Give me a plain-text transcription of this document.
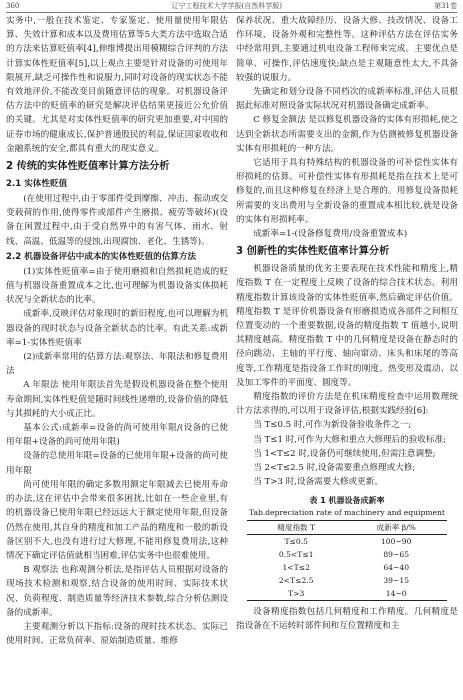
360	辽宁工程技术大学学报(自然科学版)	第31卷

实务中,一般在技术鉴定、专家鉴定、使用量使用年限估算、失效计算和成本以及费用估算等5大类方法中选取合适的方法来估算贬值率[4],伸维博提出用模糊综合评判的方法计算实体性贬值率[5],以上观点主要是针对设备的可使用年限展开,缺乏可操作性和说服力,同时对设备的现实状态不能有效地评价,不能改变目前随意评估的现象。对机器设备评估方法中的贬值率的研究是解决评估结果更接近公允价值的关键。尤其是对实体性贬值率的研究更加重要,对中国的证券市场的健康成长,保护普通股民的利益,保证国家收收和金融系统的安全,都具有重大的现实意义。

2 传统的实体性贬值率计算方法分析
2.1 实体性贬值

(在使用过程中,由于零部件受到摩擦、冲击、振动或交变载荷的作用,使得零件或部件产生磨损、疲劳等破坏)(设备在闲置过程中,由于受自然界中的有害气体、雨水、射线、高温、低温等的侵蚀,出现腐蚀、老化、生锈等)。

2.2 机器设备评估中成本的实体性贬值的估算方法

(1)实体性贬值率=由于使用磨损和自然损耗造成的贬值与机器设备重置成本之比,也可理解为机器设备实体损耗状况与全新状态的比率。

成新率,反映评估对象现时的新旧程度,也可以理解为机器设备的现时状态与设备全新状态的比率。有此关系:成新率=1-实体性贬值率

(2)成新率常用的估算方法:观察法、年限法和修复费用法

A 年限法 使用年限法首先是假设机器设备在整个使用寿命期间,实体性贬值是随时间线性递增的,设备价值的降低与其损耗的大小成正比。

基本公式:成新率=设备的尚可使用年限/(设备的已使用年限+设备的尚可使用年限)

设备的总使用年限=设备的已使用年限+设备的尚可使用年限

尚可使用年限的确定多数用额定年限减去已使用寿命的办法,这在评估中会带来很多困扰,比如在一些企业里,有的机器设备已使用年限已经远远大于额定使用年限,但设备仍然在使用,其自身的精度和加工产品的精度和一般的新设备区别不大,也没有进行过大修理,不能用修复费用法,这种情况下确定评估值就相当困难,评估实务中也很难使用。

B 观察法 也称观测分析法,是指评估人员根据对设备的现场技术检测和观察,结合设备的使用时间、实际技术状况、负荷程度、制造质量等经济技术参数,综合分析估测设备的成新率。

主要观测分析以下指标:设备的现时技术状态、实际已使用时间、正常负荷率、原始制造质量、维修

保养状况、重大故障经历、设备大修、技改情况、设备工作环境、设备外观和完整性等。这种评估方法在评估实务中经常用到,主要通过机电设备工程师来完成。主要优点是简单、可操作,评估速度快;缺点是主观随意性太大,不具备较强的说服力。

先确定和划分设备不同档次的成新率标准,评估人员根据此标准对照设备实际状况对机器设备确定成新率。

C 修复金额法 是以修复机器设备的实体有形损耗,使之达到全新状态所需要支出的金额,作为估测被修复机器设备实体有形损耗的一种方法。

它适用于具有特殊结构的机器设备的可补偿性实体有形损耗的估算。可补偿性实体有形损耗是指在技术上是可修复的,而且这种修复在经济上是合理的。用修复设备损耗所需要的支出费用与全新设备的重置成本相比较,就是设备的实体有形损耗率。

成新率=1-(设备修复费用/设备重置成本)

3 创新性的实体性贬值率计算分析

机器设备质量的优劣主要表现在技术性能和精度上,精度指数 T 在一定程度上反映了设备的综合技术状态。利用精度指数计算该设备的实体性贬值率,然后确定评估价值。精度指数 T 是评价机器设备有形磨损造成各部件之间相互位置变动的一个重要数据,设备的精度指数 T 值越小,说明其精度越高。精度指数 T 中的几何精度是设备在静态时的径向跳动、主轴的平行度、轴向窜动、床头和床尾的等高度等,工作精度是指设备工作时的刚度、热变形及震动、以及加工零件的平面度、圆度等。

精度指数的评价方法是在机床精度检查中运用数理统计方法求得的,可以用于设备评估,根据实践经验[6]:

当 T≤0.5 时,可作为新设备验收条件之一;

当 T≤1 时,可作为大修和重点大修理后的验收标准;

当 1<T≤2 时,设备仍可继续使用,但需注意调整;

当 2<T≤2.5 时,设备需要重点修理或大修;

当 T>3 时,设备需要大修或更新。

表 1 机器设备成新率
Tab.depreciation rate of machinery and equipment
精度指数 T	成新率 β/%
T≤0.5	100~90
0.5<T≤1	89~65
1<T≤2	64~40
2<T≤2.5	39~15
T>3	14~0

设备精度指数包括几何精度和工作精度。几何精度是指设备在不运转时部件间和互位置精度和主
